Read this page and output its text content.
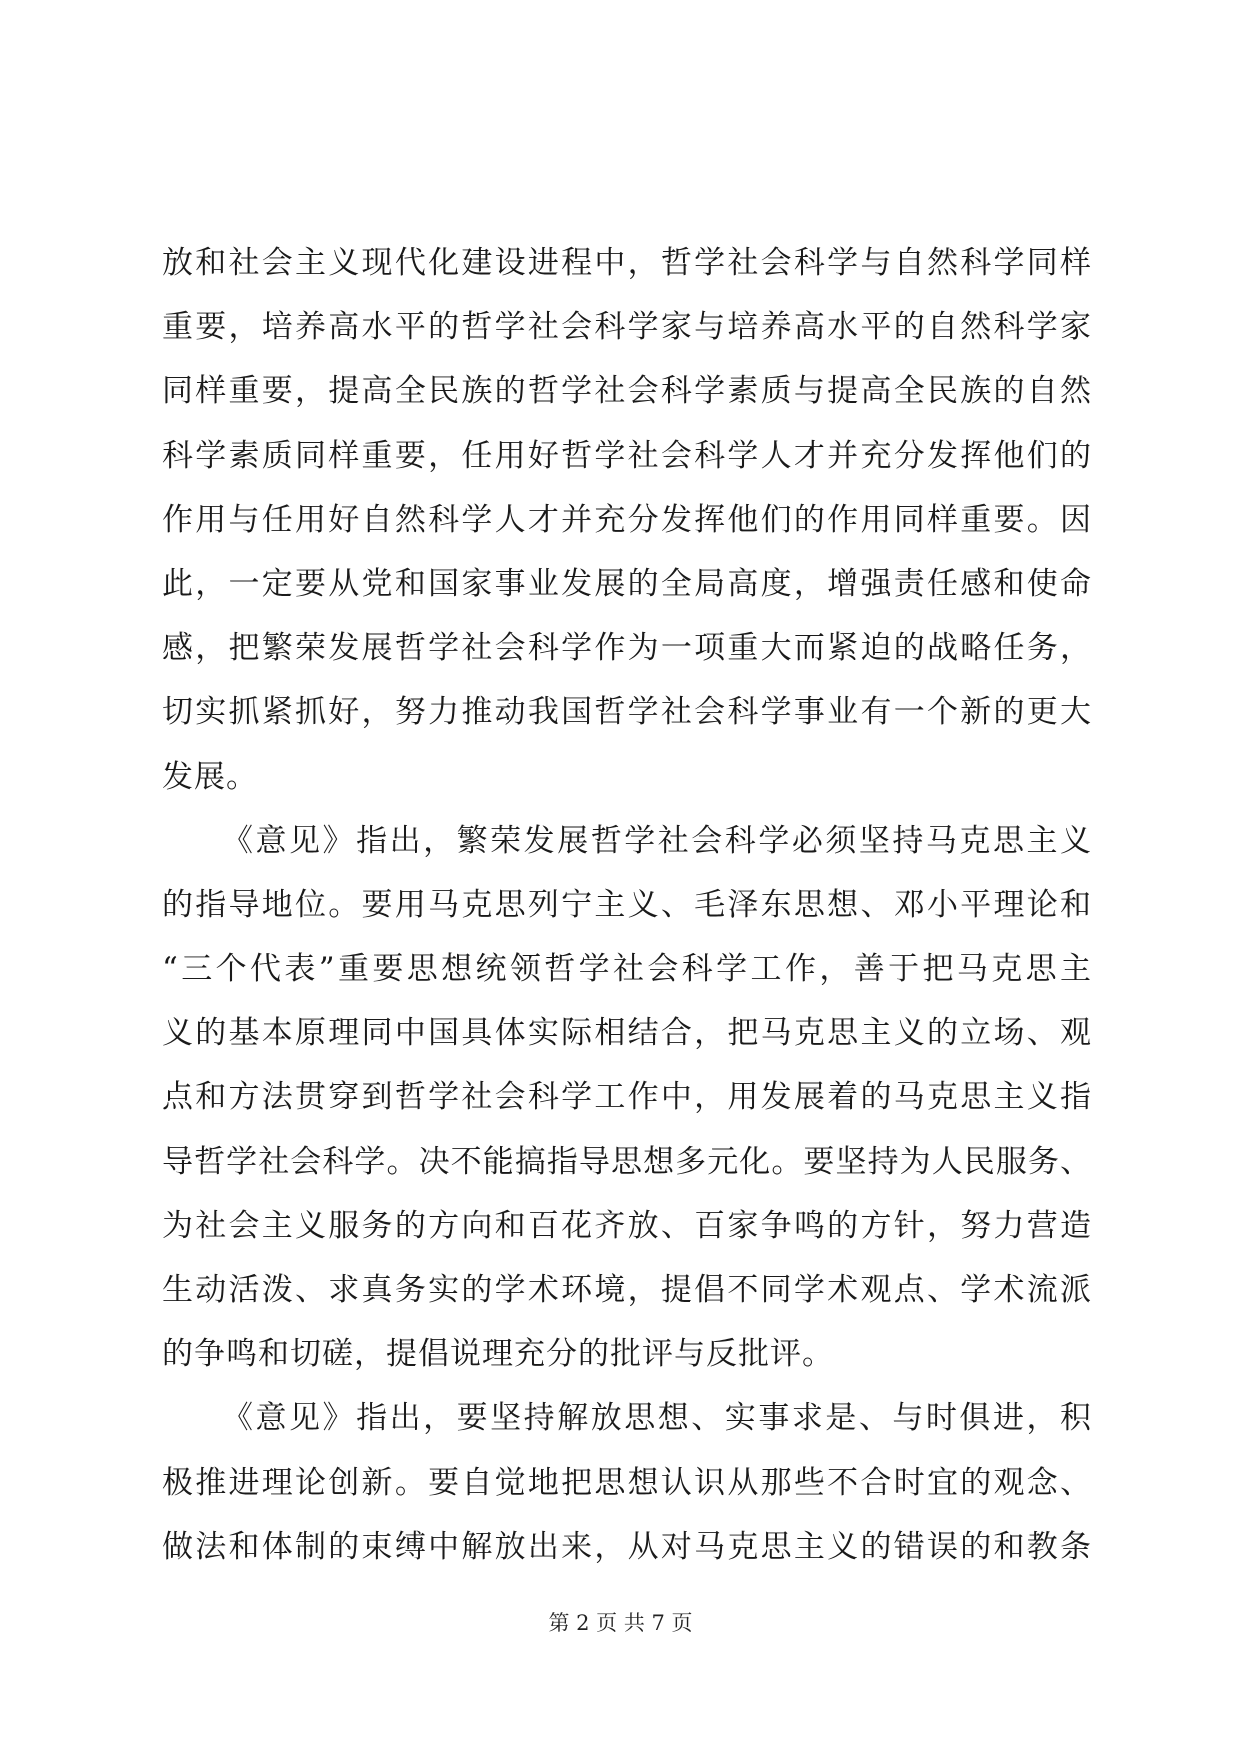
放和社会主义现代化建设进程中，哲学社会科学与自然科学同样
重要，培养高水平的哲学社会科学家与培养高水平的自然科学家
同样重要，提高全民族的哲学社会科学素质与提高全民族的自然
科学素质同样重要，任用好哲学社会科学人才并充分发挥他们的
作用与任用好自然科学人才并充分发挥他们的作用同样重要。因
此，一定要从党和国家事业发展的全局高度，增强责任感和使命
感，把繁荣发展哲学社会科学作为一项重大而紧迫的战略任务，
切实抓紧抓好，努力推动我国哲学社会科学事业有一个新的更大
发展。
《意见》指出，繁荣发展哲学社会科学必须坚持马克思主义
的指导地位。要用马克思列宁主义、毛泽东思想、邓小平理论和
“三个代表”重要思想统领哲学社会科学工作，善于把马克思主
义的基本原理同中国具体实际相结合，把马克思主义的立场、观
点和方法贯穿到哲学社会科学工作中，用发展着的马克思主义指
导哲学社会科学。决不能搞指导思想多元化。要坚持为人民服务、
为社会主义服务的方向和百花齐放、百家争鸣的方针，努力营造
生动活泼、求真务实的学术环境，提倡不同学术观点、学术流派
的争鸣和切磋，提倡说理充分的批评与反批评。
《意见》指出，要坚持解放思想、实事求是、与时俱进，积
极推进理论创新。要自觉地把思想认识从那些不合时宜的观念、
做法和体制的束缚中解放出来，从对马克思主义的错误的和教条
第 2 页 共 7 页
